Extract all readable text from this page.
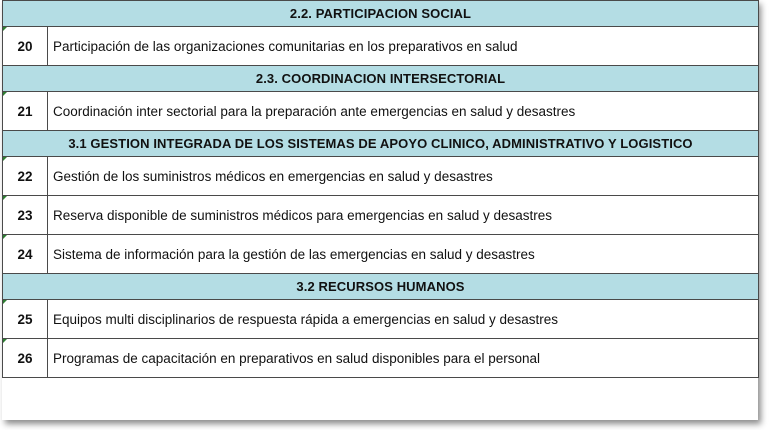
2.2. PARTICIPACION SOCIAL	

20	Participación de las organizaciones comunitarias en los preparativos en salud
2.3. COORDINACION INTERSECTORIAL	

21	Coordinación inter sectorial para la preparación ante emergencias en salud y desastres
3.1 GESTION INTEGRADA DE LOS SISTEMAS DE APOYO CLINICO, ADMINISTRATIVO Y LOGISTICO	

22	Gestión de los suministros médicos en emergencias en salud y desastres

23	Reserva disponible de suministros médicos para emergencias en salud y desastres

24	Sistema de información para la gestión de las emergencias en salud y desastres
3.2 RECURSOS HUMANOS	

25	Equipos multi disciplinarios de respuesta rápida a emergencias en salud y desastres

26	Programas de capacitación en preparativos en salud disponibles para el personal
